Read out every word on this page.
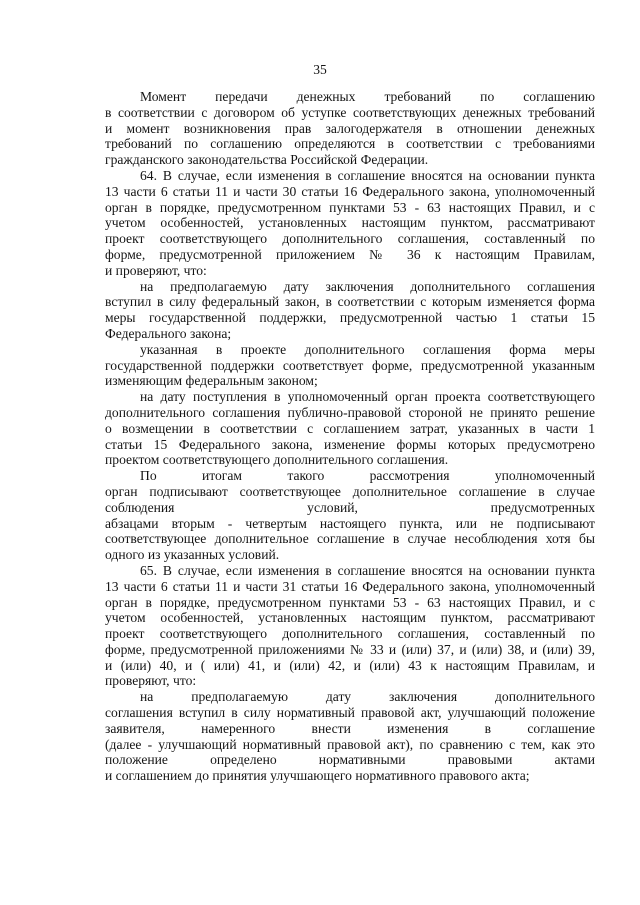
35
Момент передачи денежных требований по соглашению
в соответствии с договором об уступке соответствующих денежных требований
и момент возникновения прав залогодержателя в отношении денежных
требований по соглашению определяются в соответствии с требованиями
гражданского законодательства Российской Федерации.
64. В случае, если изменения в соглашение вносятся на основании пункта
13 части 6 статьи 11 и части 30 статьи 16 Федерального закона, уполномоченный
орган в порядке, предусмотренном пунктами 53 - 63 настоящих Правил, и с
учетом особенностей, установленных настоящим пунктом, рассматривают
проект соответствующего дополнительного соглашения, составленный по
форме, предусмотренной приложением № 36 к настоящим Правилам,
и проверяют, что:
на предполагаемую дату заключения дополнительного соглашения
вступил в силу федеральный закон, в соответствии с которым изменяется форма
меры государственной поддержки, предусмотренной частью 1 статьи 15
Федерального закона;
указанная в проекте дополнительного соглашения форма меры
государственной поддержки соответствует форме, предусмотренной указанным
изменяющим федеральным законом;
на дату поступления в уполномоченный орган проекта соответствующего
дополнительного соглашения публично-правовой стороной не принято решение
о возмещении в соответствии с соглашением затрат, указанных в части 1
статьи 15 Федерального закона, изменение формы которых предусмотрено
проектом соответствующего дополнительного соглашения.
По итогам такого рассмотрения уполномоченный
орган подписывают соответствующее дополнительное соглашение в случае
соблюдения условий, предусмотренных
абзацами вторым - четвертым настоящего пункта, или не подписывают
соответствующее дополнительное соглашение в случае несоблюдения хотя бы
одного из указанных условий.
65. В случае, если изменения в соглашение вносятся на основании пункта
13 части 6 статьи 11 и части 31 статьи 16 Федерального закона, уполномоченный
орган в порядке, предусмотренном пунктами 53 - 63 настоящих Правил, и с
учетом особенностей, установленных настоящим пунктом, рассматривают
проект соответствующего дополнительного соглашения, составленный по
форме, предусмотренной приложениями № 33 и (или) 37, и (или) 38, и (или) 39,
и (или) 40, и ( или) 41, и (или) 42, и (или) 43 к настоящим Правилам, и
проверяют, что:
на предполагаемую дату заключения дополнительного
соглашения вступил в силу нормативный правовой акт, улучшающий положение
заявителя, намеренного внести изменения в соглашение
(далее - улучшающий нормативный правовой акт), по сравнению с тем, как это
положение определено нормативными правовыми актами
и соглашением до принятия улучшающего нормативного правового акта;
